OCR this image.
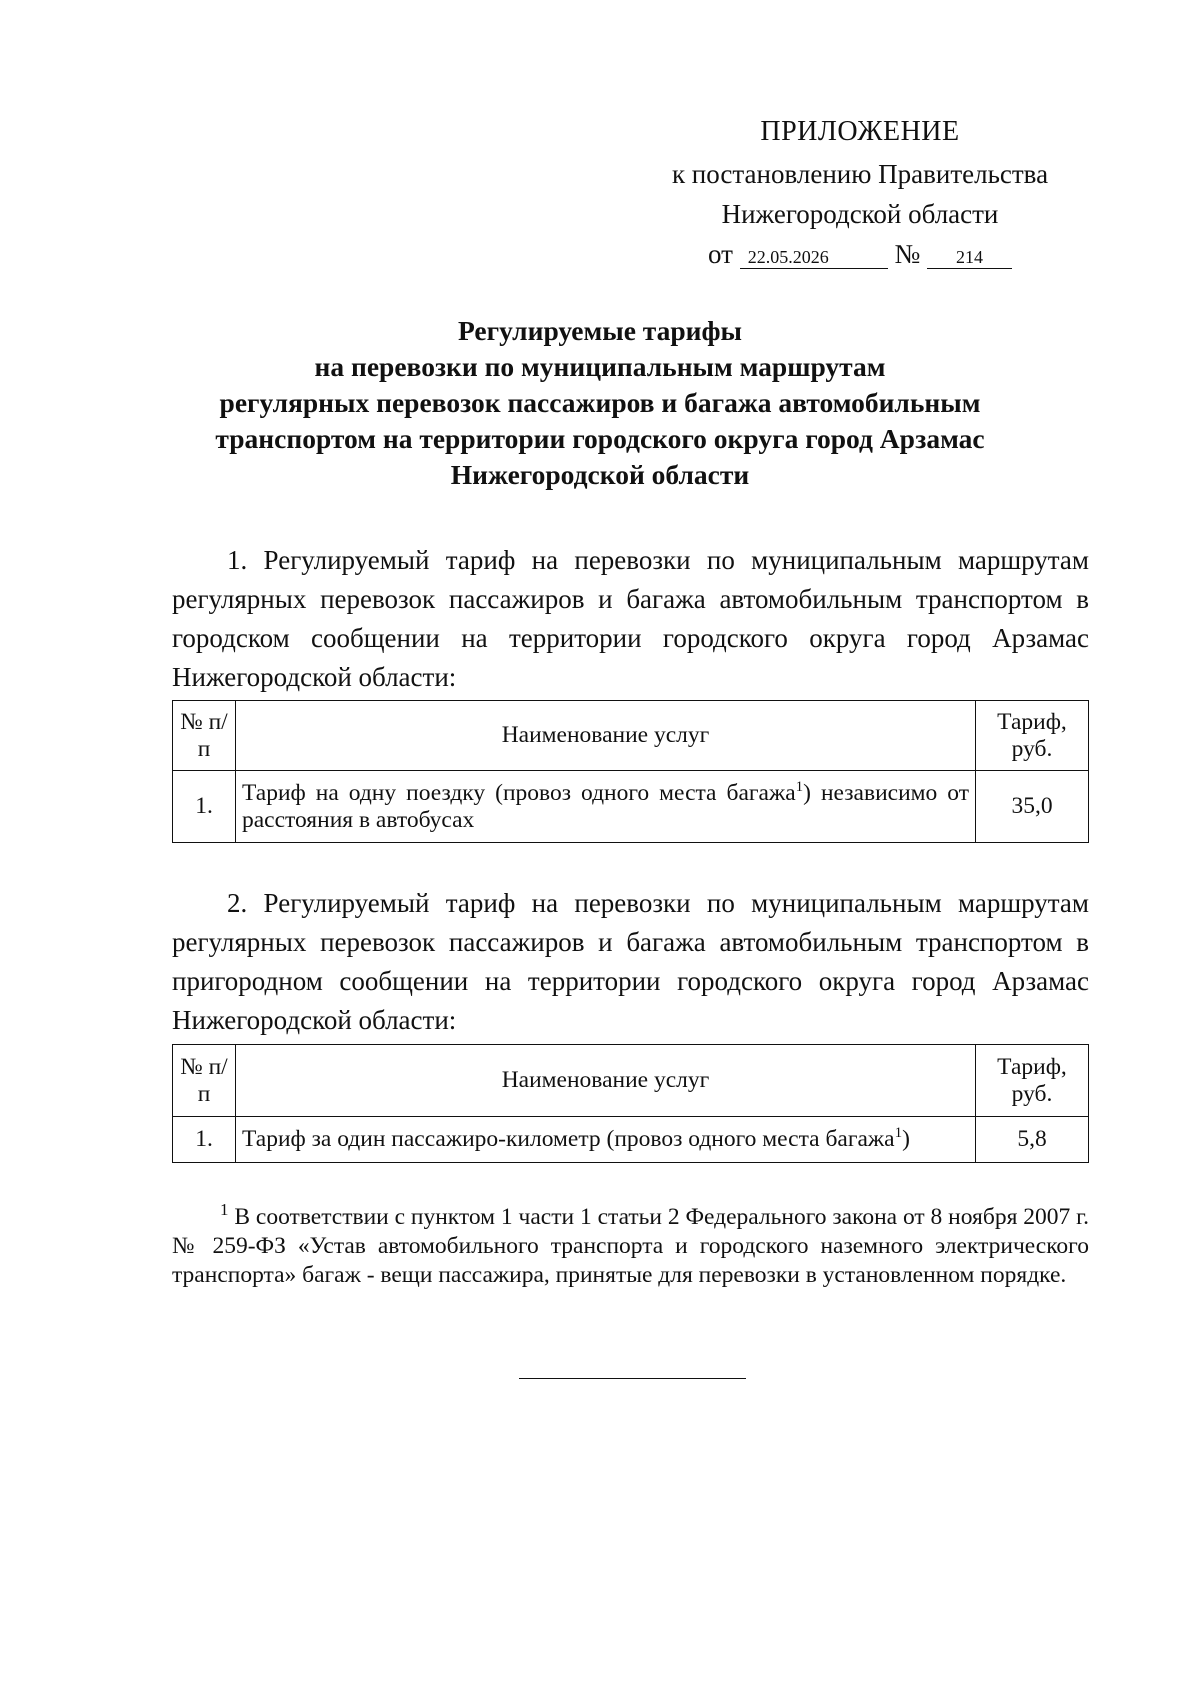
ПРИЛОЖЕНИЕ
к постановлению Правительства
Нижегородской области
от 22.05.2026 № 214
Регулируемые тарифы
на перевозки по муниципальным маршрутам
регулярных перевозок пассажиров и багажа автомобильным
транспортом на территории городского округа город Арзамас
Нижегородской области

1. Регулируемый тариф на перевозки по муниципальным маршрутам регулярных перевозок пассажиров и багажа автомобильным транспортом в городском сообщении на территории городского округа город Арзамас Нижегородской области:

№ п/п	Наименование услуг	Тариф, руб.
1.	Тариф на одну поездку (провоз одного места багажа$^1$) независимо от расстояния в автобусах	35,0

2. Регулируемый тариф на перевозки по муниципальным маршрутам регулярных перевозок пассажиров и багажа автомобильным транспортом в пригородном сообщении на территории городского округа город Арзамас Нижегородской области:

№ п/п	Наименование услуг	Тариф, руб.
1.	Тариф за один пассажиро-километр (провоз одного места багажа$^1$)	5,8

$^1$ В соответствии с пунктом 1 части 1 статьи 2 Федерального закона от 8 ноября 2007 г. № 259-ФЗ «Устав автомобильного транспорта и городского наземного электрического транспорта» багаж - вещи пассажира, принятые для перевозки в установленном порядке.
